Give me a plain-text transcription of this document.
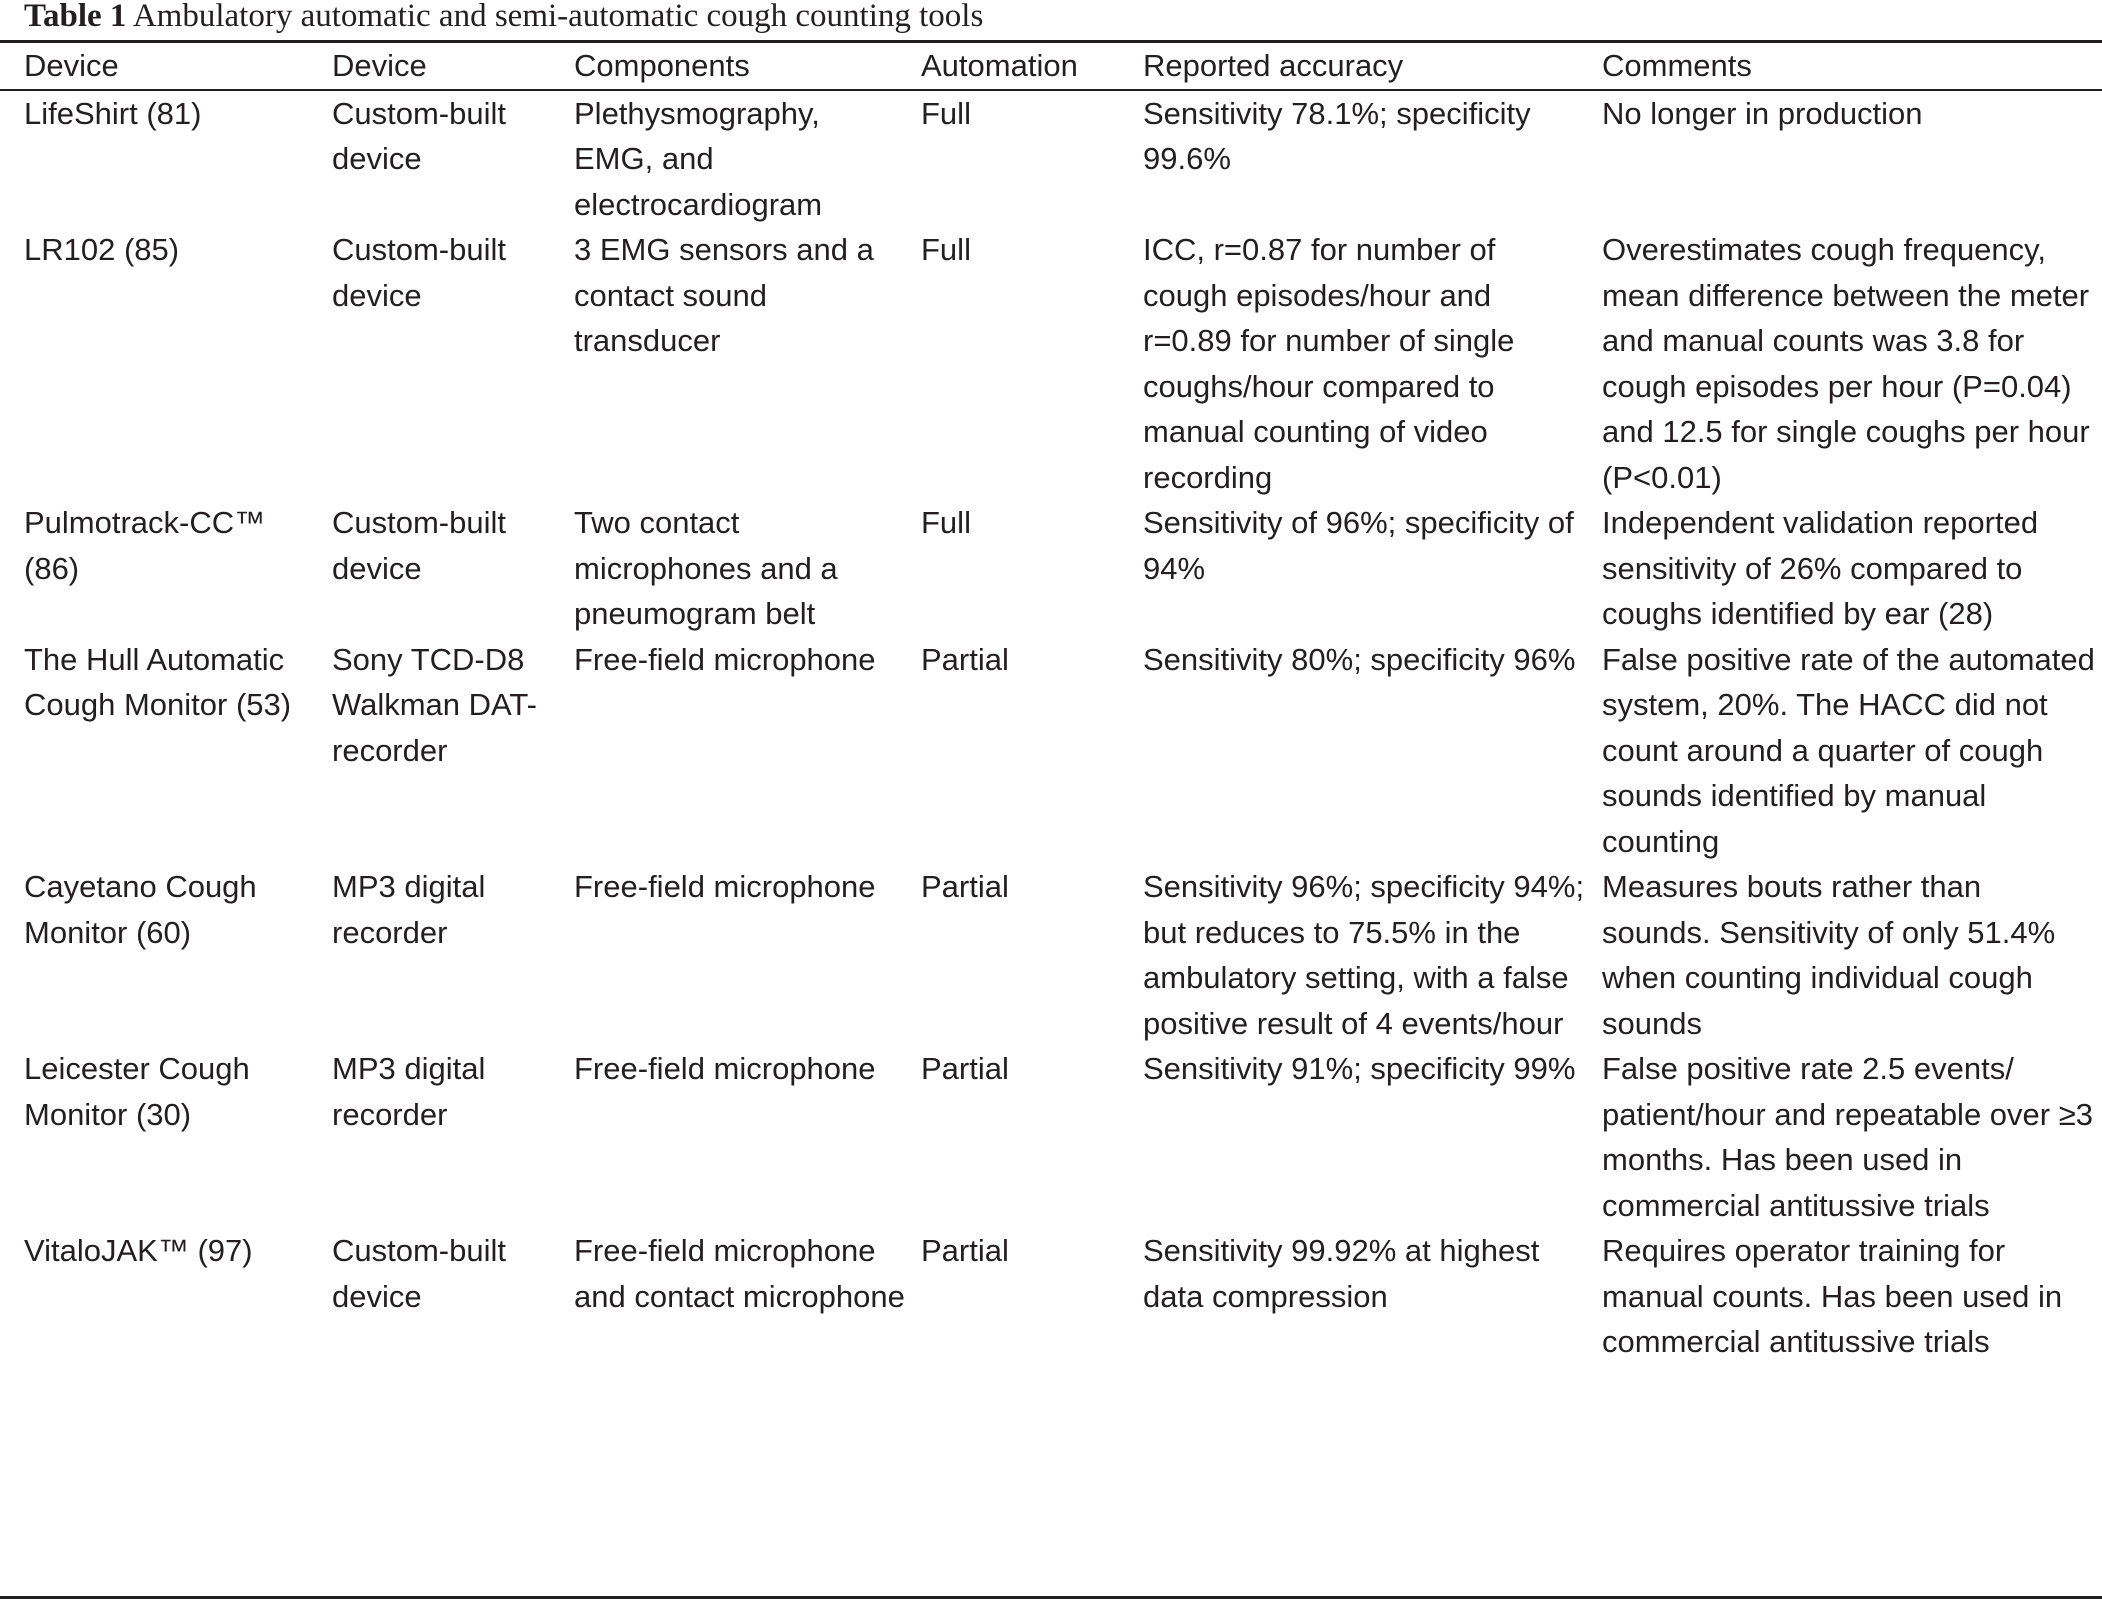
Table 1 Ambulatory automatic and semi-automatic cough counting tools
Device	Device	Components	Automation	Reported accuracy	Comments
LifeShirt (81)	Custom-built device	Plethysmography, EMG, and electrocardiogram	Full	Sensitivity 78.1%; specificity 99.6%	No longer in production
LR102 (85)	Custom-built device	3 EMG sensors and a contact sound transducer	Full	ICC, r=0.87 for number of cough episodes/hour and r=0.89 for number of single coughs/hour compared to manual counting of video recording	Overestimates cough frequency, mean difference between the meter and manual counts was 3.8 for cough episodes per hour (P=0.04) and 12.5 for single coughs per hour (P<0.01)
Pulmotrack-CC™ (86)	Custom-built device	Two contact microphones and a pneumogram belt	Full	Sensitivity of 96%; specificity of 94%	Independent validation reported sensitivity of 26% compared to coughs identified by ear (28)
The Hull Automatic Cough Monitor (53)	Sony TCD-D8 Walkman DAT-recorder	Free-field microphone	Partial	Sensitivity 80%; specificity 96%	False positive rate of the automated system, 20%. The HACC did not count around a quarter of cough sounds identified by manual counting
Cayetano Cough Monitor (60)	MP3 digital recorder	Free-field microphone	Partial	Sensitivity 96%; specificity 94%; but reduces to 75.5% in the ambulatory setting, with a false positive result of 4 events/hour	Measures bouts rather than sounds. Sensitivity of only 51.4% when counting individual cough sounds
Leicester Cough Monitor (30)	MP3 digital recorder	Free-field microphone	Partial	Sensitivity 91%; specificity 99%	False positive rate 2.5 events/ patient/hour and repeatable over ≥3 months. Has been used in commercial antitussive trials
VitaloJAK™ (97)	Custom-built device	Free-field microphone and contact microphone	Partial	Sensitivity 99.92% at highest data compression	Requires operator training for manual counts. Has been used in commercial antitussive trials
